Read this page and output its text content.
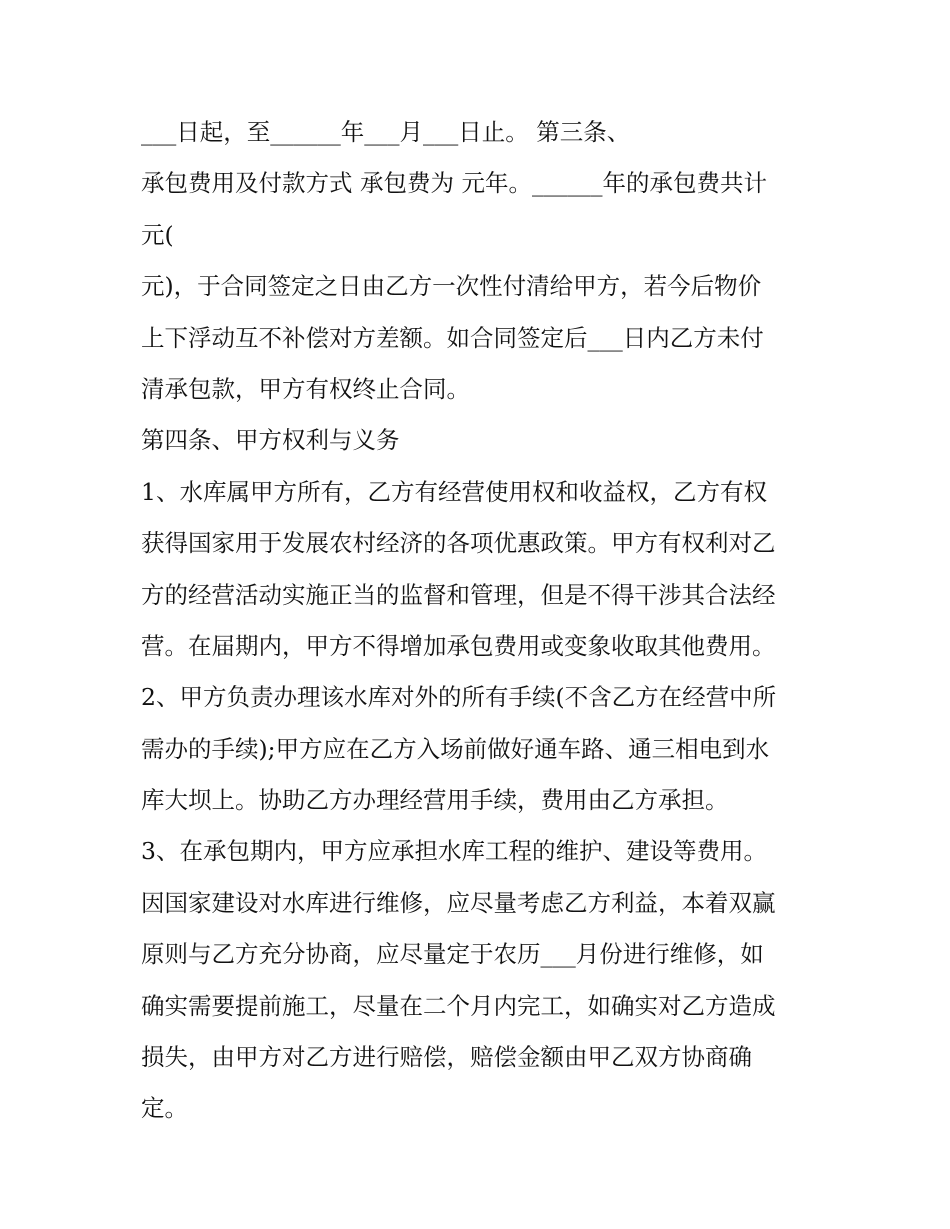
___日起，至______年___月___日止。 第三条、
承包费用及付款方式 承包费为 元年。______年的承包费共计
元(
元)，于合同签定之日由乙方一次性付清给甲方，若今后物价
上下浮动互不补偿对方差额。如合同签定后___日内乙方未付
清承包款，甲方有权终止合同。
第四条、甲方权利与义务
1、水库属甲方所有，乙方有经营使用权和收益权，乙方有权
获得国家用于发展农村经济的各项优惠政策。甲方有权利对乙
方的经营活动实施正当的监督和管理，但是不得干涉其合法经
营。在届期内，甲方不得增加承包费用或变象收取其他费用。
2、甲方负责办理该水库对外的所有手续(不含乙方在经营中所
需办的手续);甲方应在乙方入场前做好通车路、通三相电到水
库大坝上。协助乙方办理经营用手续，费用由乙方承担。
3、在承包期内，甲方应承担水库工程的维护、建设等费用。
因国家建设对水库进行维修，应尽量考虑乙方利益，本着双赢
原则与乙方充分协商，应尽量定于农历___月份进行维修，如
确实需要提前施工，尽量在二个月内完工，如确实对乙方造成
损失，由甲方对乙方进行赔偿，赔偿金额由甲乙双方协商确
定。
